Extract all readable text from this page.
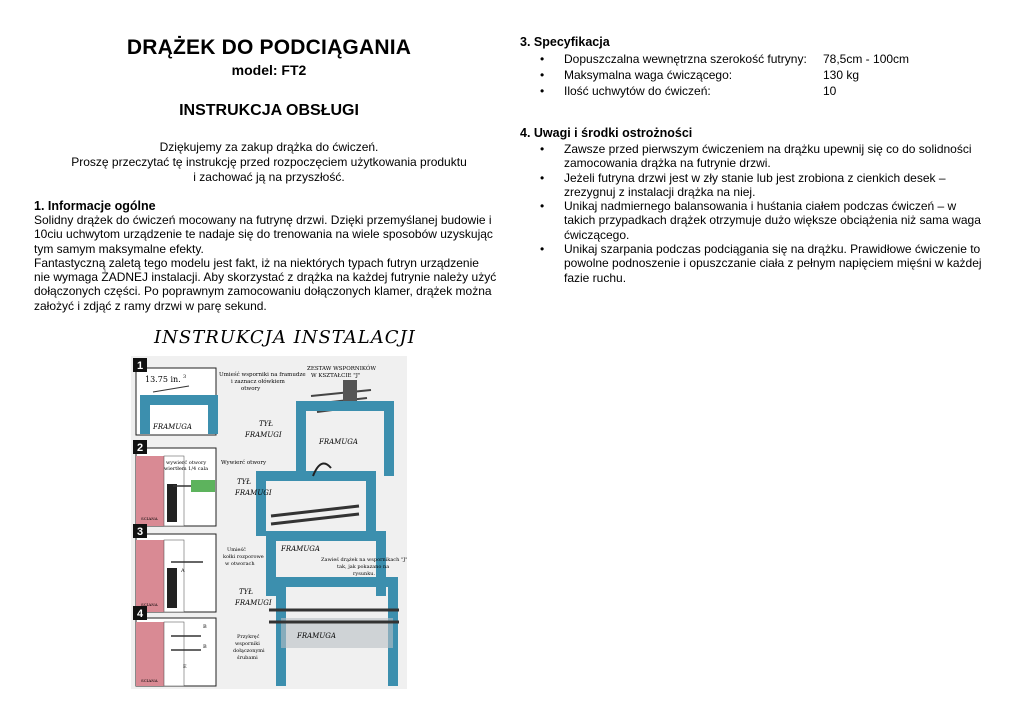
DRĄŻEK DO PODCIĄGANIA
model: FT2
INSTRUKCJA OBSŁUGI
Dziękujemy za zakup drążka do ćwiczeń.
Proszę przeczytać tę instrukcję przed rozpoczęciem użytkowania produktu
i zachować ją na przyszłość.
1. Informacje ogólne
Solidny drążek do ćwiczeń mocowany na futrynę drzwi. Dzięki przemyślanej budowie i
10ciu uchwytom urządzenie te nadaje się do trenowania na wiele sposobów uzyskując
tym samym maksymalne efekty.
Fantastyczną zaletą tego modelu jest fakt, iż na niektórych typach futryn urządzenie
nie wymaga ŻADNEJ instalacji. Aby skorzystać z drążka na każdej futrynie należy użyć
dołączonych części. Po poprawnym zamocowaniu dołączonych klamer, drążek można
założyć i zdjąć z ramy drzwi w parę sekund.
INSTRUKCJA INSTALACJI
1
2
3
4
13.75 in. 3
FRAMUGA
Umieść wsporniki na framudze
i zaznacz ołówkiem
otwory
ZESTAW WSPORNIKÓW
W KSZTAŁCIE "J"
FRAMUGA
TYŁ
FRAMUGI
wywierć otwory
wiertłem 1/4 cala
Wywierć otwory
TYŁ
FRAMUGI
Umieść
kołki rozporowe
w otworach
A
FRAMUGA
Zawieś drążek na wspornikach "J"
tak, jak pokazano na
rysunku.
TYŁ
FRAMUGI
FRAMUGA
B
B
E
Przykręć
wsporniki
dołączonymi
śrubami
SCIANA
SCIANA
SCIANA
3. Specyfikacja
• Dopuszczalna wewnętrzna szerokość futryny: 78,5cm - 100cm
• Maksymalna waga ćwiczącego:	130 kg
• Ilość uchwytów do ćwiczeń:	10
4. Uwagi i środki ostrożności
• Zawsze przed pierwszym ćwiczeniem na drążku upewnij się co do solidności
zamocowania drążka na futrynie drzwi.
• Jeżeli futryna drzwi jest w zły stanie lub jest zrobiona z cienkich desek –
zrezygnuj z instalacji drążka na niej.
• Unikaj nadmiernego balansowania i huśtania ciałem podczas ćwiczeń – w
takich przypadkach drążek otrzymuje dużo większe obciążenia niż sama waga
ćwiczącego.
• Unikaj szarpania podczas podciągania się na drążku. Prawidłowe ćwiczenie to
powolne podnoszenie i opuszczanie ciała z pełnym napięciem mięśni w każdej
fazie ruchu.
